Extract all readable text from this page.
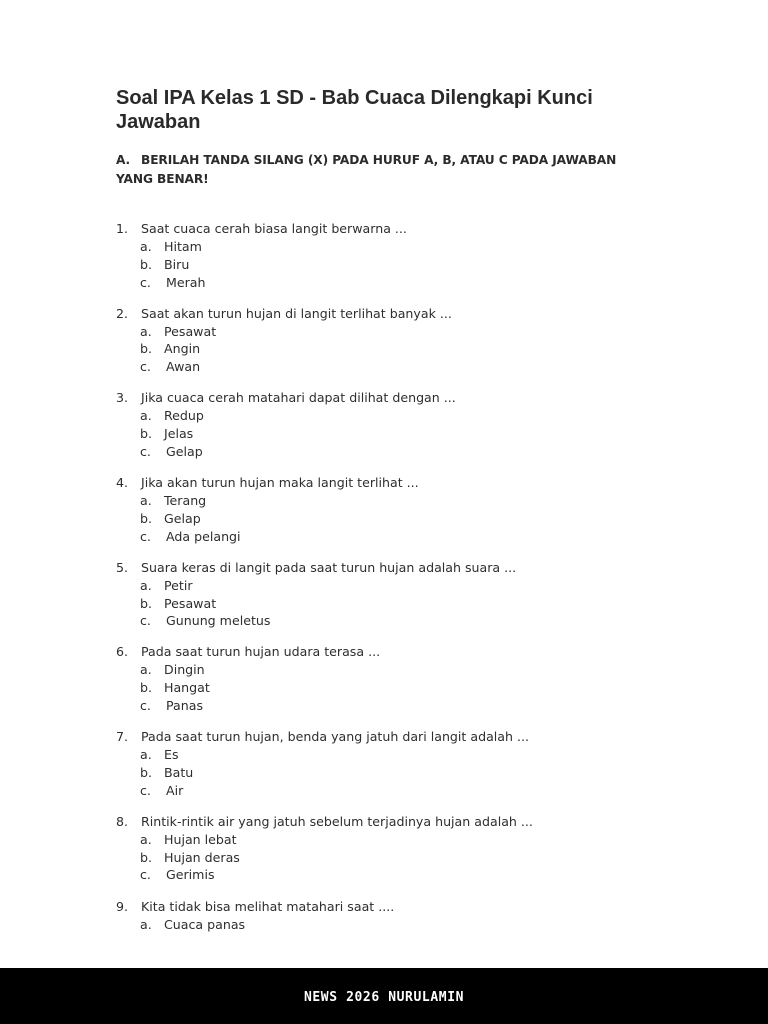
Soal IPA Kelas 1 SD - Bab Cuaca Dilengkapi Kunci Jawaban

A. BERILAH TANDA SILANG (X) PADA HURUF A, B, ATAU C PADA JAWABAN YANG BENAR!

1. Saat cuaca cerah biasa langit berwarna ...
a. Hitam
b. Biru
c. Merah
2. Saat akan turun hujan di langit terlihat banyak ...
a. Pesawat
b. Angin
c. Awan
3. Jika cuaca cerah matahari dapat dilihat dengan ...
a. Redup
b. Jelas
c. Gelap
4. Jika akan turun hujan maka langit terlihat ...
a. Terang
b. Gelap
c. Ada pelangi
5. Suara keras di langit pada saat turun hujan adalah suara ...
a. Petir
b. Pesawat
c. Gunung meletus
6. Pada saat turun hujan udara terasa ...
a. Dingin
b. Hangat
c. Panas
7. Pada saat turun hujan, benda yang jatuh dari langit adalah ...
a. Es
b. Batu
c. Air
8. Rintik-rintik air yang jatuh sebelum terjadinya hujan adalah ...
a. Hujan lebat
b. Hujan deras
c. Gerimis
9. Kita tidak bisa melihat matahari saat ....
a. Cuaca panas
NEWS 2026 NURULAMIN
